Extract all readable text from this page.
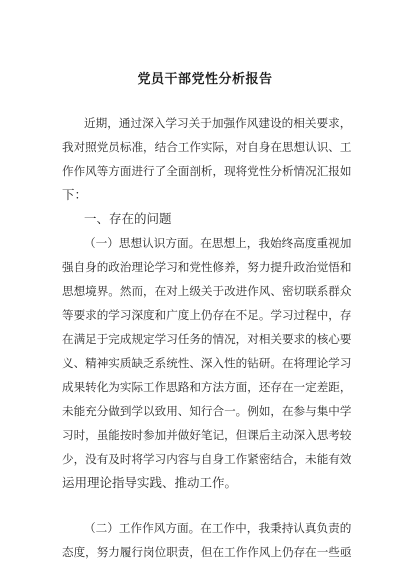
党员干部党性分析报告
近期，通过深入学习关于加强作风建设的相关要求，
我对照党员标准，结合工作实际，对自身在思想认识、工
作作风等方面进行了全面剖析，现将党性分析情况汇报如
下：
一、存在的问题
（一）思想认识方面。在思想上，我始终高度重视加
强自身的政治理论学习和党性修养，努力提升政治觉悟和
思想境界。然而，在对上级关于改进作风、密切联系群众
等要求的学习深度和广度上仍存在不足。学习过程中，存
在满足于完成规定学习任务的情况，对相关要求的核心要
义、精神实质缺乏系统性、深入性的钻研。在将理论学习
成果转化为实际工作思路和方法方面，还存在一定差距，
未能充分做到学以致用、知行合一。例如，在参与集中学
习时，虽能按时参加并做好笔记，但课后主动深入思考较
少，没有及时将学习内容与自身工作紧密结合，未能有效
运用理论指导实践、推动工作。
（二）工作作风方面。在工作中，我秉持认真负责的
态度，努力履行岗位职责，但在工作作风上仍存在一些亟
